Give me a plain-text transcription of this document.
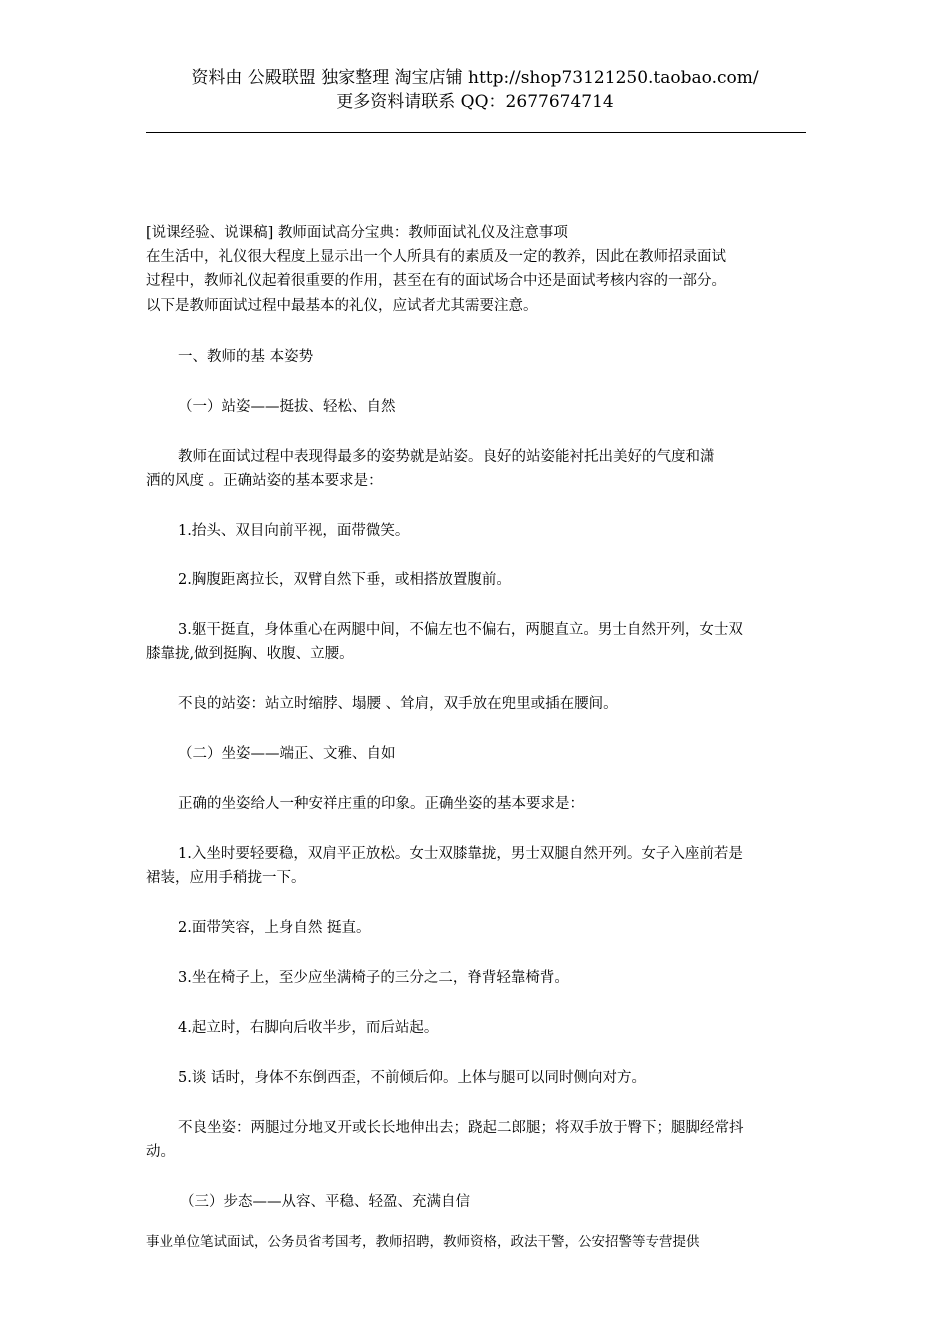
资料由 公殿联盟 独家整理 淘宝店铺 http://shop73121250.taobao.com/
更多资料请联系 QQ：2677674714
[说课经验、说课稿] 教师面试高分宝典：教师面试礼仪及注意事项
在生活中，礼仪很大程度上显示出一个人所具有的素质及一定的教养，因此在教师招录面试
过程中，教师礼仪起着很重要的作用，甚至在有的面试场合中还是面试考核内容的一部分。
以下是教师面试过程中最基本的礼仪，应试者尤其需要注意。
一、教师的基 本姿势
（一）站姿——挺拔、轻松、自然
教师在面试过程中表现得最多的姿势就是站姿。良好的站姿能衬托出美好的气度和潇
洒的风度 。正确站姿的基本要求是：
1.抬头、双目向前平视，面带微笑。
2.胸腹距离拉长，双臂自然下垂，或相搭放置腹前。
3.躯干挺直，身体重心在两腿中间，不偏左也不偏右，两腿直立。男士自然开列，女士双
膝靠拢,做到挺胸、收腹、立腰。
不良的站姿：站立时缩脖、塌腰 、耸肩，双手放在兜里或插在腰间。
（二）坐姿——端正、文雅、自如
正确的坐姿给人一种安祥庄重的印象。正确坐姿的基本要求是：
1.入坐时要轻要稳，双肩平正放松。女士双膝靠拢，男士双腿自然开列。女子入座前若是
裙装，应用手稍拢一下。
2.面带笑容，上身自然 挺直。
3.坐在椅子上，至少应坐满椅子的三分之二，脊背轻靠椅背。
4.起立时，右脚向后收半步，而后站起。
5.谈 话时，身体不东倒西歪，不前倾后仰。上体与腿可以同时侧向对方。
不良坐姿：两腿过分地叉开或长长地伸出去；跷起二郎腿；将双手放于臀下；腿脚经常抖
动。
（三）步态——从容、平稳、轻盈、充满自信
事业单位笔试面试，公务员省考国考，教师招聘，教师资格，政法干警，公安招警等专营提供
